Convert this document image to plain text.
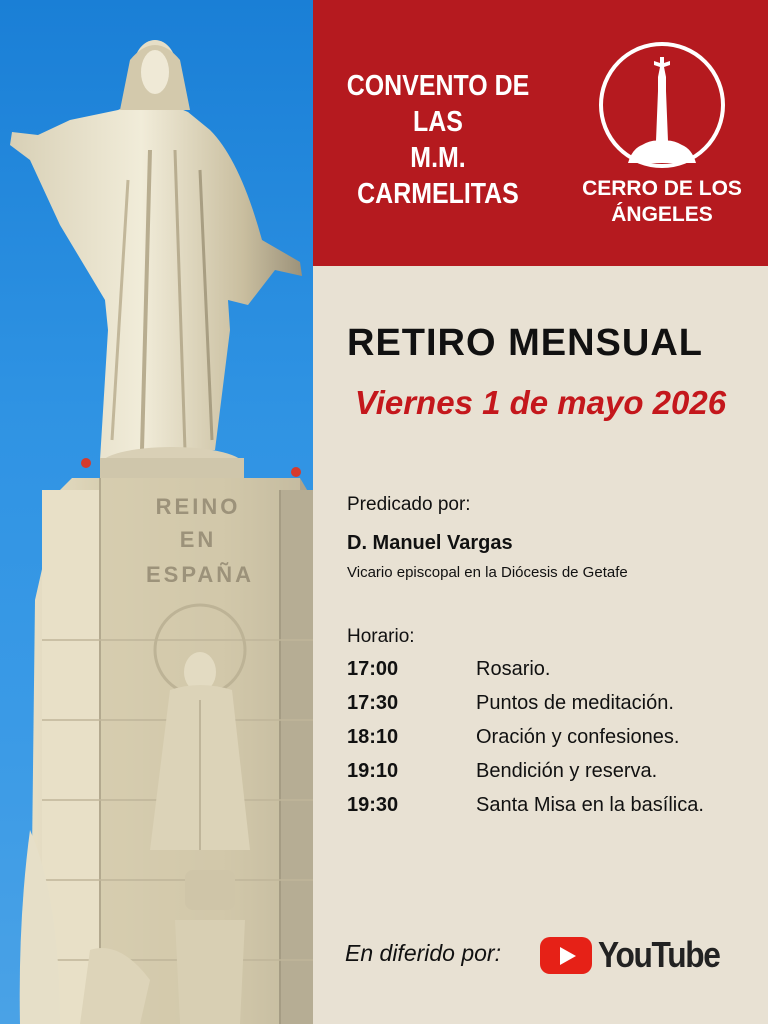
REINO
EN
ESPAÑA
CONVENTO DE LAS
M.M. CARMELITAS	CERRO DE LOS
ÁNGELES
RETIRO MENSUAL
Viernes 1 de mayo 2026
Predicado por:
D. Manuel Vargas
Vicario episcopal en la Diócesis de Getafe
Horario:
17:00	Rosario.
17:30	Puntos de meditación.
18:10	Oración y confesiones.
19:10	Bendición y reserva.
19:30	Santa Misa en la basílica.
En diferido por:	YouTube
